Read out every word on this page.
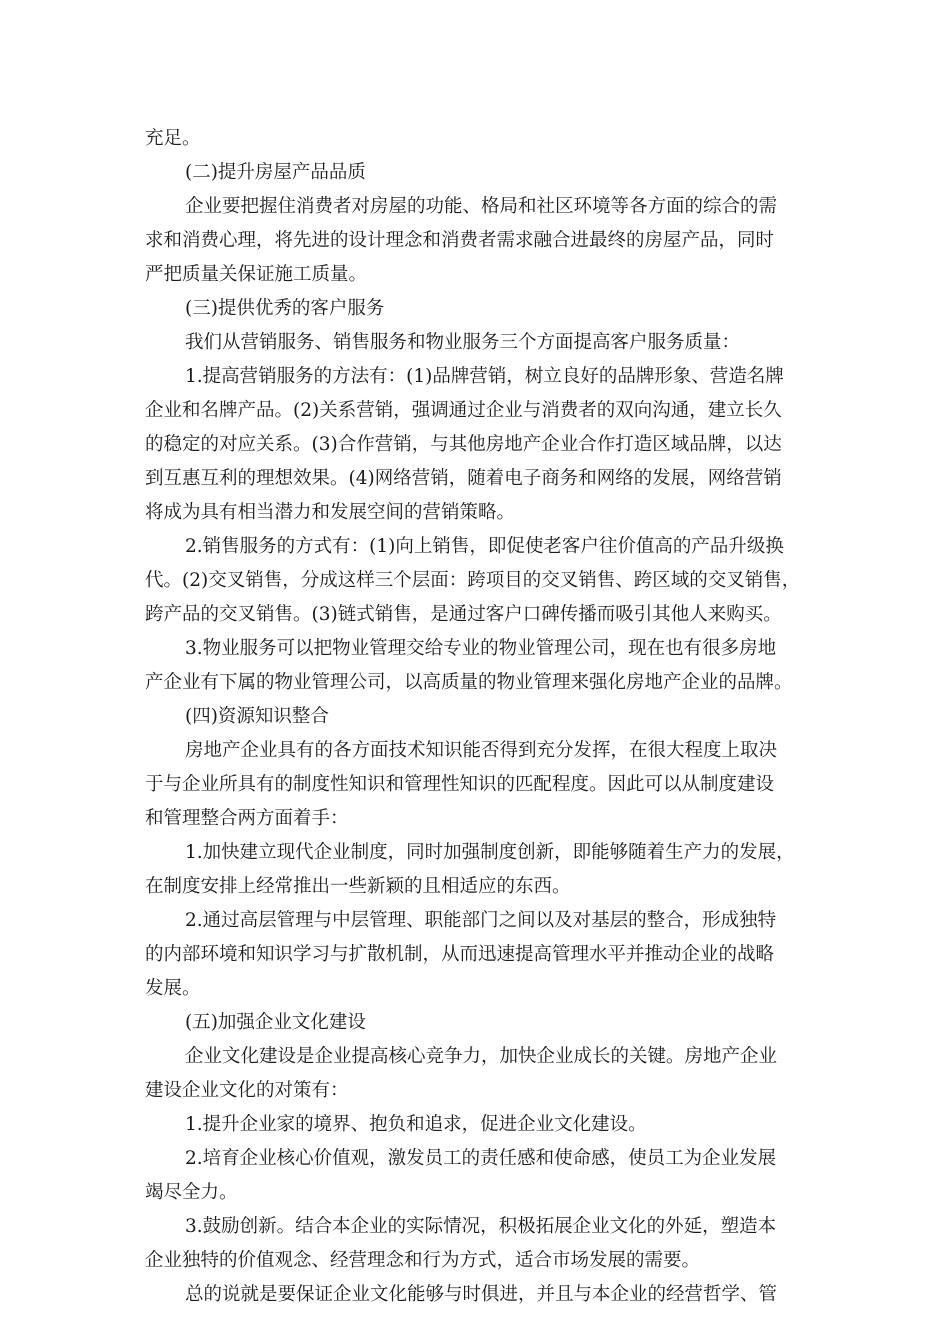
充足。
(二)提升房屋产品品质
企业要把握住消费者对房屋的功能、格局和社区环境等各方面的综合的需
求和消费心理，将先进的设计理念和消费者需求融合进最终的房屋产品，同时
严把质量关保证施工质量。
(三)提供优秀的客户服务
我们从营销服务、销售服务和物业服务三个方面提高客户服务质量：
1.提高营销服务的方法有：(1)品牌营销，树立良好的品牌形象、营造名牌
企业和名牌产品。(2)关系营销，强调通过企业与消费者的双向沟通，建立长久
的稳定的对应关系。(3)合作营销，与其他房地产企业合作打造区域品牌，以达
到互惠互利的理想效果。(4)网络营销，随着电子商务和网络的发展，网络营销
将成为具有相当潜力和发展空间的营销策略。
2.销售服务的方式有：(1)向上销售，即促使老客户往价值高的产品升级换
代。(2)交叉销售，分成这样三个层面：跨项目的交叉销售、跨区域的交叉销售，
跨产品的交叉销售。(3)链式销售，是通过客户口碑传播而吸引其他人来购买。
3.物业服务可以把物业管理交给专业的物业管理公司，现在也有很多房地
产企业有下属的物业管理公司，以高质量的物业管理来强化房地产企业的品牌。
(四)资源知识整合
房地产企业具有的各方面技术知识能否得到充分发挥，在很大程度上取决
于与企业所具有的制度性知识和管理性知识的匹配程度。因此可以从制度建设
和管理整合两方面着手：
1.加快建立现代企业制度，同时加强制度创新，即能够随着生产力的发展，
在制度安排上经常推出一些新颖的且相适应的东西。
2.通过高层管理与中层管理、职能部门之间以及对基层的整合，形成独特
的内部环境和知识学习与扩散机制，从而迅速提高管理水平并推动企业的战略
发展。
(五)加强企业文化建设
企业文化建设是企业提高核心竞争力，加快企业成长的关键。房地产企业
建设企业文化的对策有：
1.提升企业家的境界、抱负和追求，促进企业文化建设。
2.培育企业核心价值观，激发员工的责任感和使命感，使员工为企业发展
竭尽全力。
3.鼓励创新。结合本企业的实际情况，积极拓展企业文化的外延，塑造本
企业独特的价值观念、经营理念和行为方式，适合市场发展的需要。
总的说就是要保证企业文化能够与时俱进，并且与本企业的经营哲学、管
